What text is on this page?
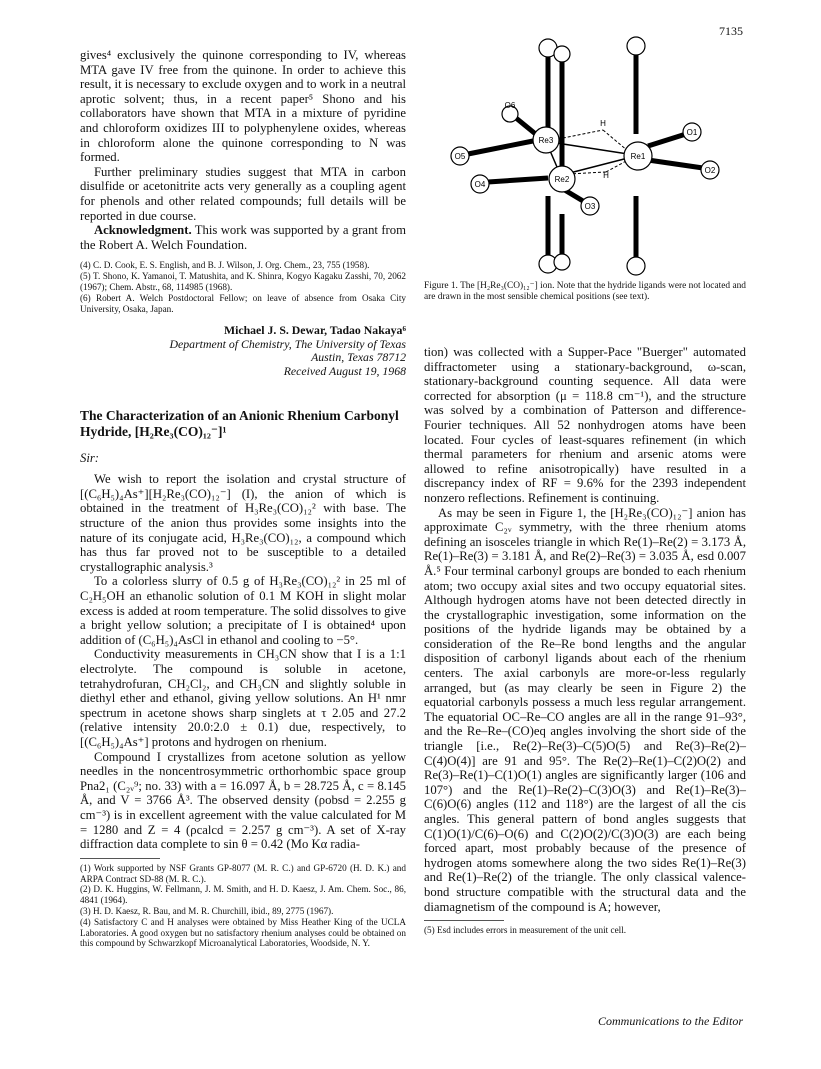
7135

gives⁴ exclusively the quinone corresponding to IV, whereas MTA gave IV free from the quinone. In order to achieve this result, it is necessary to exclude oxygen and to work in a neutral aprotic solvent; thus, in a recent paper⁵ Shono and his collaborators have shown that MTA in a mixture of pyridine and chloroform oxidizes III to polyphenylene oxides, whereas in chloroform alone the quinone corresponding to N was formed.

Further preliminary studies suggest that MTA in carbon disulfide or acetonitrite acts very generally as a coupling agent for phenols and other related compounds; full details will be reported in due course.

Acknowledgment. This work was supported by a grant from the Robert A. Welch Foundation.

(4) C. D. Cook, E. S. English, and B. J. Wilson, J. Org. Chem., 23, 755 (1958).

(5) T. Shono, K. Yamanoi, T. Matushita, and K. Shinra, Kogyo Kagaku Zasshi, 70, 2062 (1967); Chem. Abstr., 68, 114985 (1968).

(6) Robert A. Welch Postdoctoral Fellow; on leave of absence from Osaka City University, Osaka, Japan.

Michael J. S. Dewar, Tadao Nakaya⁶
Department of Chemistry, The University of Texas
Austin, Texas 78712
Received August 19, 1968
The Characterization of an Anionic Rhenium Carbonyl Hydride, [H₂Re₃(CO)₁₂⁻]¹
Sir:

We wish to report the isolation and crystal structure of [(C₆H₅)₄As⁺][H₂Re₃(CO)₁₂⁻] (I), the anion of which is obtained in the treatment of H₃Re₃(CO)₁₂² with base. The structure of the anion thus provides some insights into the nature of its conjugate acid, H₃Re₃(CO)₁₂, a compound which has thus far proved not to be susceptible to a detailed crystallographic analysis.³

To a colorless slurry of 0.5 g of H₃Re₃(CO)₁₂² in 25 ml of C₂H₅OH an ethanolic solution of 0.1 M KOH in slight molar excess is added at room temperature. The solid dissolves to give a bright yellow solution; a precipitate of I is obtained⁴ upon addition of (C₆H₅)₄AsCl in ethanol and cooling to −5°.

Conductivity measurements in CH₃CN show that I is a 1:1 electrolyte. The compound is soluble in acetone, tetrahydrofuran, CH₂Cl₂, and CH₃CN and slightly soluble in diethyl ether and ethanol, giving yellow solutions. An H¹ nmr spectrum in acetone shows sharp singlets at τ 2.05 and 27.2 (relative intensity 20.0:2.0 ± 0.1) due, respectively, to [(C₆H₅)₄As⁺] protons and hydrogen on rhenium.

Compound I crystallizes from acetone solution as yellow needles in the noncentrosymmetric orthorhombic space group Pna2₁ (C₂ᵥ⁹; no. 33) with a = 16.097 Å, b = 28.725 Å, c = 8.145 Å, and V = 3766 Å³. The observed density (ρobsd = 2.255 g cm⁻³) is in excellent agreement with the value calculated for M = 1280 and Z = 4 (ρcalcd = 2.257 g cm⁻³). A set of X-ray diffraction data complete to sin θ = 0.42 (Mo Kα radia-

(1) Work supported by NSF Grants GP-8077 (M. R. C.) and GP-6720 (H. D. K.) and ARPA Contract SD-88 (M. R. C.).

(2) D. K. Huggins, W. Fellmann, J. M. Smith, and H. D. Kaesz, J. Am. Chem. Soc., 86, 4841 (1964).

(3) H. D. Kaesz, R. Bau, and M. R. Churchill, ibid., 89, 2775 (1967).

(4) Satisfactory C and H analyses were obtained by Miss Heather King of the UCLA Laboratories. A good oxygen but no satisfactory rhenium analyses could be obtained on this compound by Schwarzkopf Microanalytical Laboratories, Woodside, N. Y.

O6
Re3
H
O1
O5	Re1
Re2	H
O2
O4
O3
Figure 1. The [H₂Re₃(CO)₁₂⁻] ion. Note that the hydride ligands were not located and are drawn in the most sensible chemical positions (see text).

tion) was collected with a Supper-Pace "Buerger" automated diffractometer using a stationary-background, ω-scan, stationary-background counting sequence. All data were corrected for absorption (μ = 118.8 cm⁻¹), and the structure was solved by a combination of Patterson and difference-Fourier techniques. All 52 nonhydrogen atoms have been located. Four cycles of least-squares refinement (in which thermal parameters for rhenium and arsenic atoms were allowed to refine anisotropically) have resulted in a discrepancy index of RF = 9.6% for the 2393 independent nonzero reflections. Refinement is continuing.

As may be seen in Figure 1, the [H₂Re₃(CO)₁₂⁻] anion has approximate C₂ᵥ symmetry, with the three rhenium atoms defining an isosceles triangle in which Re(1)–Re(2) = 3.173 Å, Re(1)–Re(3) = 3.181 Å, and Re(2)–Re(3) = 3.035 Å, esd 0.007 Å.⁵ Four terminal carbonyl groups are bonded to each rhenium atom; two occupy axial sites and two occupy equatorial sites. Although hydrogen atoms have not been detected directly in the crystallographic investigation, some information on the positions of the hydride ligands may be obtained by a consideration of the Re–Re bond lengths and the angular disposition of carbonyl ligands about each of the rhenium centers. The axial carbonyls are more-or-less regularly arranged, but (as may clearly be seen in Figure 2) the equatorial carbonyls possess a much less regular arrangement. The equatorial OC–Re–CO angles are all in the range 91–93°, and the Re–Re–(CO)eq angles involving the short side of the triangle [i.e., Re(2)–Re(3)–C(5)O(5) and Re(3)–Re(2)–C(4)O(4)] are 91 and 95°. The Re(2)–Re(1)–C(2)O(2) and Re(3)–Re(1)–C(1)O(1) angles are significantly larger (106 and 107°) and the Re(1)–Re(2)–C(3)O(3) and Re(1)–Re(3)–C(6)O(6) angles (112 and 118°) are the largest of all the cis angles. This general pattern of bond angles suggests that C(1)O(1)/C(6)–O(6) and C(2)O(2)/C(3)O(3) are each being forced apart, most probably because of the presence of hydrogen atoms somewhere along the two sides Re(1)–Re(3) and Re(1)–Re(2) of the triangle. The only classical valence-bond structure compatible with the structural data and the diamagnetism of the compound is A; however,

(5) Esd includes errors in measurement of the unit cell.

Communications to the Editor
